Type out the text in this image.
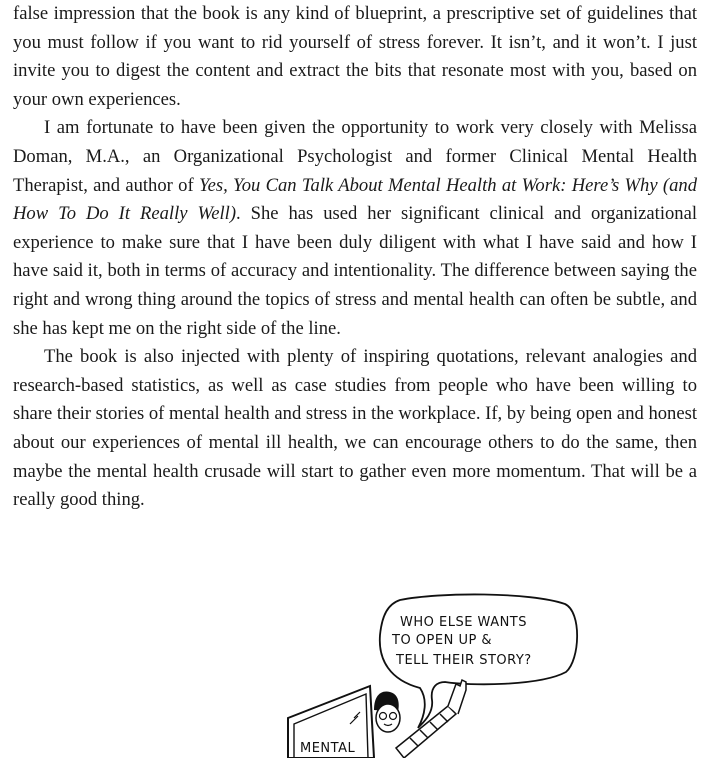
false impression that the book is any kind of blueprint, a prescriptive set of guidelines that you must follow if you want to rid yourself of stress forever. It isn’t, and it won’t. I just invite you to digest the content and extract the bits that resonate most with you, based on your own experiences.

I am fortunate to have been given the opportunity to work very closely with Melissa Doman, M.A., an Organizational Psychologist and former Clinical Mental Health Therapist, and author of Yes, You Can Talk About Mental Health at Work: Here’s Why (and How To Do It Really Well). She has used her significant clinical and organizational experience to make sure that I have been duly diligent with what I have said and how I have said it, both in terms of accuracy and intentionality. The difference between saying the right and wrong thing around the topics of stress and mental health can often be subtle, and she has kept me on the right side of the line.

The book is also injected with plenty of inspiring quotations, relevant analogies and research-based statistics, as well as case studies from people who have been willing to share their stories of mental health and stress in the workplace. If, by being open and honest about our experiences of mental ill health, we can encourage others to do the same, then maybe the mental health crusade will start to gather even more momentum. That will be a really good thing.

WHO ELSE WANTS
TO OPEN UP &
TELL THEIR STORY?
MENTAL
